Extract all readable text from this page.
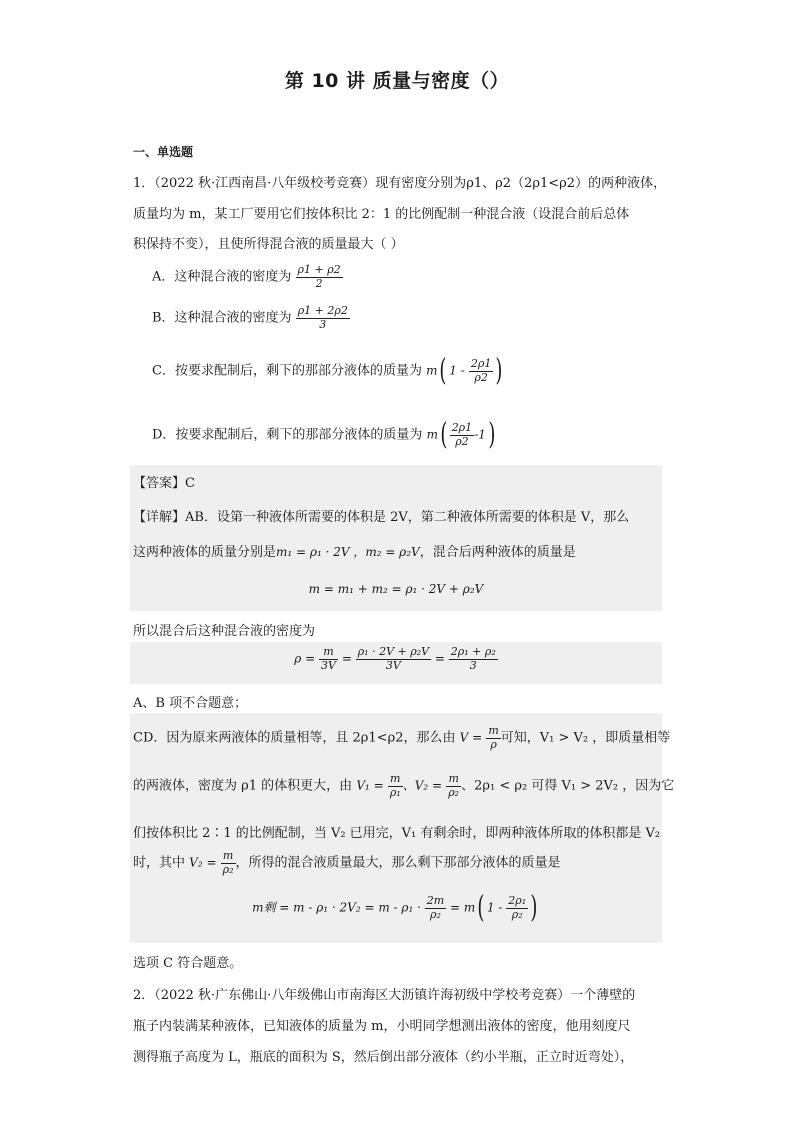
第 10 讲 质量与密度（）
一、单选题
1．（2022 秋·江西南昌·八年级校考竞赛）现有密度分别为ρ1、ρ2（2ρ1<ρ2）的两种液体，
质量均为 m，某工厂要用它们按体积比 2：1 的比例配制一种混合液（设混合前后总体
积保持不变），且使所得混合液的质量最大（ ）
A．这种混合液的密度为 $\frac{\rho 1 + \rho 2}{2}$
B．这种混合液的密度为 $\frac{\rho 1 + 2\rho 2}{3}$
C．按要求配制后，剩下的那部分液体的质量为 m( $1 - \frac{2\rho 1}{\rho 2}$ )
D．按要求配制后，剩下的那部分液体的质量为 $m( \frac{2\rho 1}{\rho 2} -1)$
【答案】C
【详解】AB．设第一种液体所需要的体积是 2V，第二种液体所需要的体积是 V，那么
这两种液体的质量分别是m₁ = ρ₁ · 2V ，m₂ = ρ₂V，混合后两种液体的质量是
m = m₁ + m₂ = ρ₁ · 2V + ρ₂V
所以混合后这种混合液的密度为
$\rho = \frac{m}{3V} = \frac{\text{ρ₁ · 2V + ρ₂V}}{3V} = \frac{\text{2ρ₁ + ρ₂}}{3}$
A、B 项不合题意；
CD．因为原来两液体的质量相等，且 2ρ1<ρ2，那么由 $V = \frac{m}{\rho}$ 可知，V₁ > V₂ ，即质量相等
的两液体，密度为 ρ1 的体积更大，由 $V_1 = \frac{m}{\text{ρ₁}}$ 、$V_2 = \frac{m}{\text{ρ₂}}$ 、2ρ₁ < ρ₂ 可得 V₁ > 2V₂ ，因为它
们按体积比 2∶1 的比例配制，当 V₂ 已用完，V₁ 有剩余时，即两种液体所取的体积都是 V₂
时，其中 $V_2 = \frac{m}{\text{ρ₂}}$ ，所得的混合液质量最大，那么剩下那部分液体的质量是
m剩 = $m - \rho_1 \cdot 2V_2 = m - \rho_1 \cdot \frac{2m}{\text{ρ₂}} = m$( $1 - \frac{\text{2ρ₁}}{\text{ρ₂}}$ )
选项 C 符合题意。
2．（2022 秋·广东佛山·八年级佛山市南海区大沥镇许海初级中学校考竞赛）一个薄壁的
瓶子内装满某种液体，已知液体的质量为 m，小明同学想测出液体的密度，他用刻度尺
测得瓶子高度为 L，瓶底的面积为 S，然后倒出部分液体（约小半瓶，正立时近弯处），
